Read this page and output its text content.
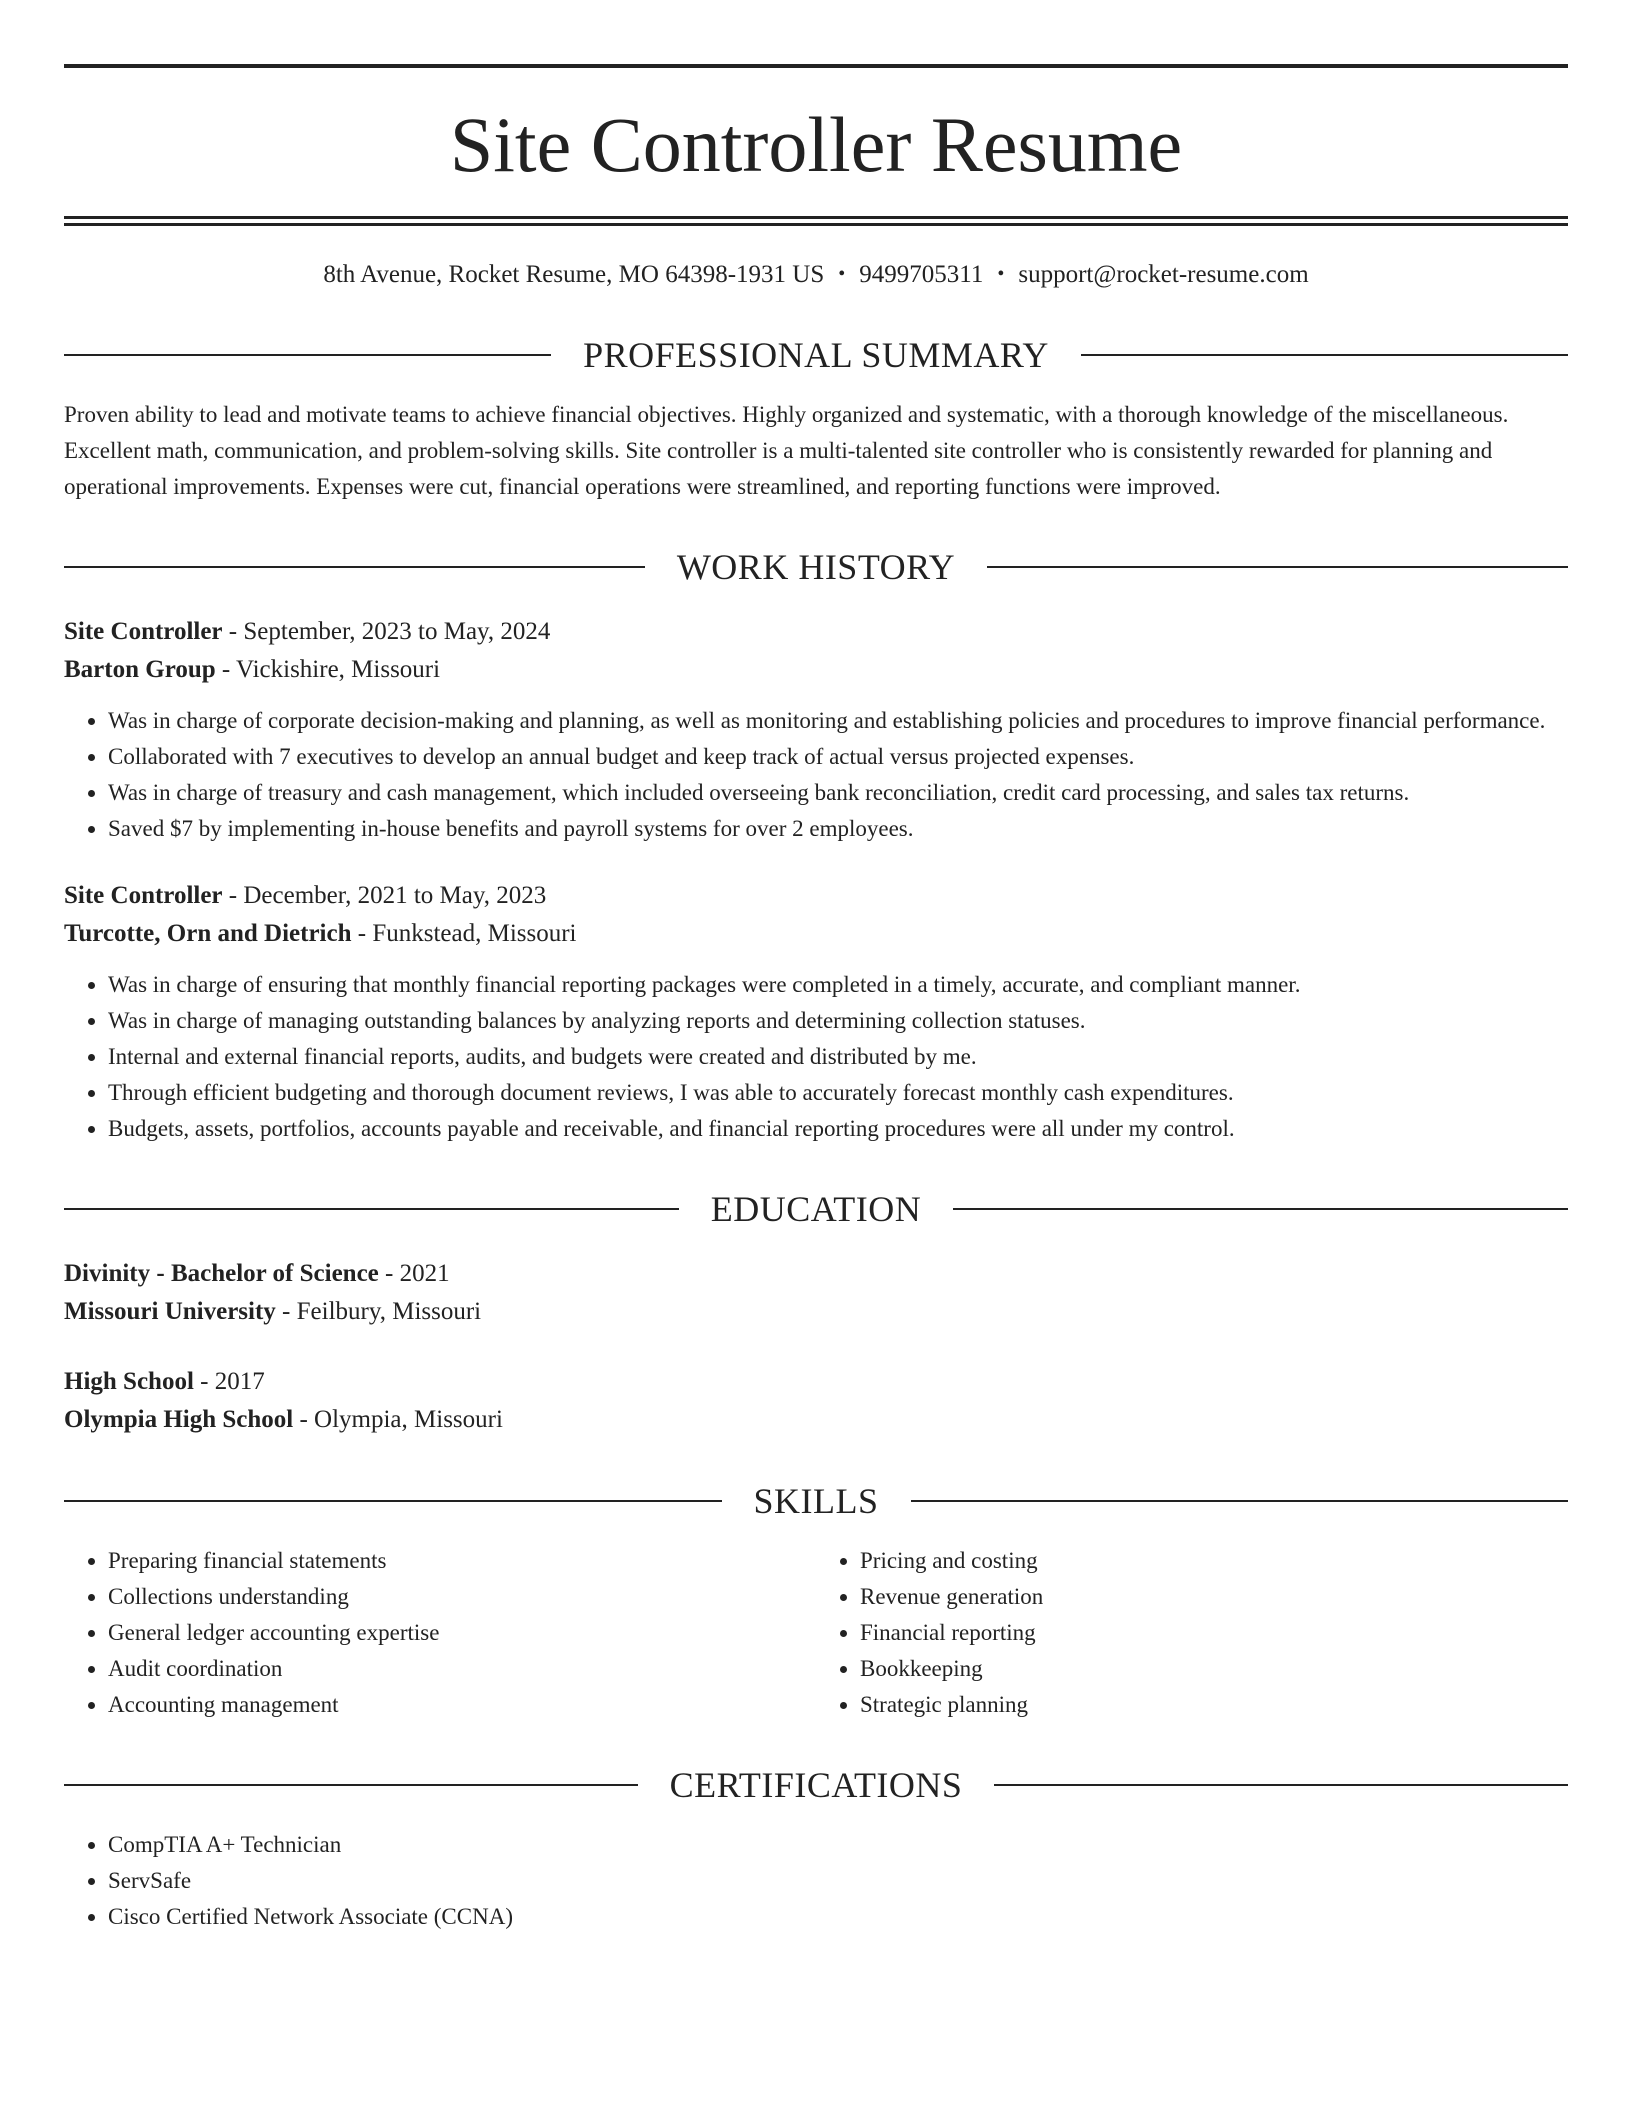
Site Controller Resume
8th Avenue, Rocket Resume, MO 64398-1931 US • 9499705311 • support@rocket-resume.com
PROFESSIONAL SUMMARY
Proven ability to lead and motivate teams to achieve financial objectives. Highly organized and systematic, with a thorough knowledge of the miscellaneous. Excellent math, communication, and problem-solving skills. Site controller is a multi-talented site controller who is consistently rewarded for planning and operational improvements. Expenses were cut, financial operations were streamlined, and reporting functions were improved.
WORK HISTORY
Site Controller - September, 2023 to May, 2024
Barton Group - Vickishire, Missouri
• Was in charge of corporate decision-making and planning, as well as monitoring and establishing policies and procedures to improve financial performance.
• Collaborated with 7 executives to develop an annual budget and keep track of actual versus projected expenses.
• Was in charge of treasury and cash management, which included overseeing bank reconciliation, credit card processing, and sales tax returns.
• Saved $7 by implementing in-house benefits and payroll systems for over 2 employees.
Site Controller - December, 2021 to May, 2023
Turcotte, Orn and Dietrich - Funkstead, Missouri
• Was in charge of ensuring that monthly financial reporting packages were completed in a timely, accurate, and compliant manner.
• Was in charge of managing outstanding balances by analyzing reports and determining collection statuses.
• Internal and external financial reports, audits, and budgets were created and distributed by me.
• Through efficient budgeting and thorough document reviews, I was able to accurately forecast monthly cash expenditures.
• Budgets, assets, portfolios, accounts payable and receivable, and financial reporting procedures were all under my control.
EDUCATION
Divinity - Bachelor of Science - 2021
Missouri University - Feilbury, Missouri
High School - 2017
Olympia High School - Olympia, Missouri
SKILLS
• Preparing financial statements
• Collections understanding
• General ledger accounting expertise
• Audit coordination
• Accounting management
• Pricing and costing
• Revenue generation
• Financial reporting
• Bookkeeping
• Strategic planning
CERTIFICATIONS
• CompTIA A+ Technician
• ServSafe
• Cisco Certified Network Associate (CCNA)
